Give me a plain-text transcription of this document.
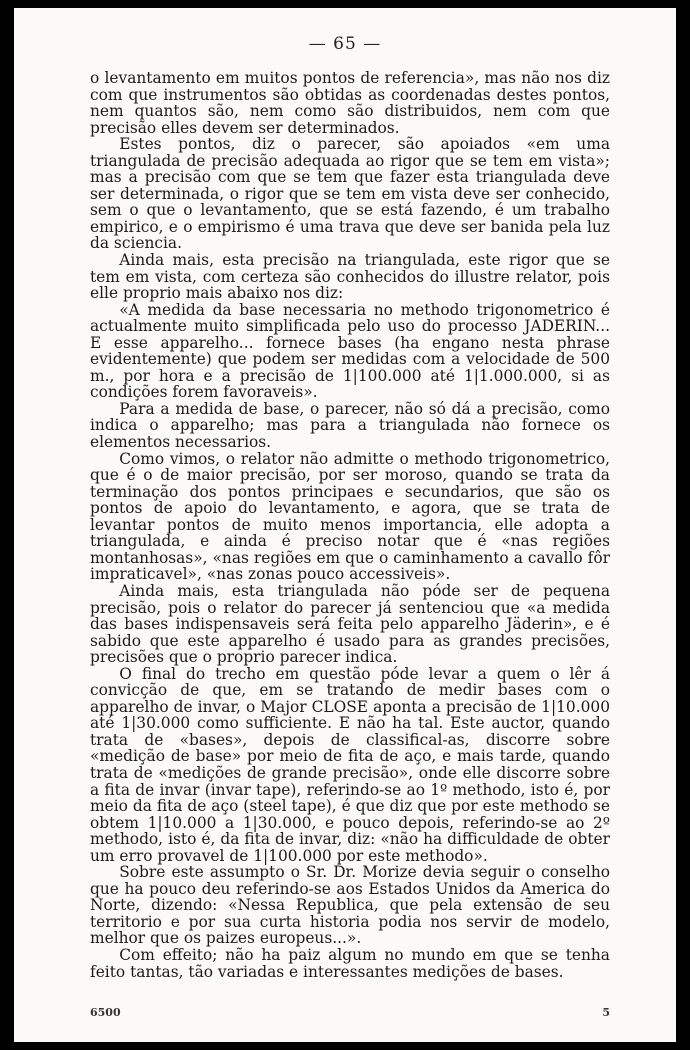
— 65 —

o levantamento em muitos pontos de referencia», mas não nos diz com que instrumentos são obtidas as coordenadas destes pontos, nem quantos são, nem como são distribuidos, nem com que precisão elles devem ser determinados.

Estes pontos, diz o parecer, são apoiados «em uma triangulada de precisão adequada ao rigor que se tem em vista»; mas a precisão com que se tem que fazer esta triangulada deve ser determinada, o rigor que se tem em vista deve ser conhecido, sem o que o levantamento, que se está fazendo, é um trabalho empirico, e o empirismo é uma trava que deve ser banida pela luz da sciencia.

Ainda mais, esta precisão na triangulada, este rigor que se tem em vista, com certeza são conhecidos do illustre relator, pois elle proprio mais abaixo nos diz:

«A medida da base necessaria no methodo trigonometrico é actualmente muito simplificada pelo uso do processo JADERIN... E esse apparelho... fornece bases (ha engano nesta phrase evidentemente) que podem ser medidas com a velocidade de 500 m., por hora e a precisão de 1|100.000 até 1|1.000.000, si as condições forem favoraveis».

Para a medida de base, o parecer, não só dá a precisão, como indica o apparelho; mas para a triangulada não fornece os elementos necessarios.

Como vimos, o relator não admitte o methodo trigonometrico, que é o de maior precisão, por ser moroso, quando se trata da terminação dos pontos principaes e secundarios, que são os pontos de apoio do levantamento, e agora, que se trata de levantar pontos de muito menos importancia, elle adopta a triangulada, e ainda é preciso notar que é «nas regiões montanhosas», «nas regiões em que o caminhamento a cavallo fôr impraticavel», «nas zonas pouco accessiveis».

Ainda mais, esta triangulada não póde ser de pequena precisão, pois o relator do parecer já sentenciou que «a medida das bases indispensaveis será feita pelo apparelho Jäderin», e é sabido que este apparelho é usado para as grandes precisões, precisões que o proprio parecer indica.

O final do trecho em questão póde levar a quem o lêr á convicção de que, em se tratando de medir bases com o apparelho de invar, o Major CLOSE aponta a precisão de 1|10.000 até 1|30.000 como sufficiente. E não ha tal. Este auctor, quando trata de «bases», depois de classifical-as, discorre sobre «medição de base» por meio de fita de aço, e mais tarde, quando trata de «medições de grande precisão», onde elle discorre sobre a fita de invar (invar tape), referindo-se ao 1º methodo, isto é, por meio da fita de aço (steel tape), é que diz que por este methodo se obtem 1|10.000 a 1|30.000, e pouco depois, referindo-se ao 2º methodo, isto é, da fita de invar, diz: «não ha difficuldade de obter um erro provavel de 1|100.000 por este methodo».

Sobre este assumpto o Sr. Dr. Morize devia seguir o conselho que ha pouco deu referindo-se aos Estados Unidos da America do Norte, dizendo: «Nessa Republica, que pela extensão de seu territorio e por sua curta historia podia nos servir de modelo, melhor que os paizes europeus...».

Com effeito; não ha paiz algum no mundo em que se tenha feito tantas, tão variadas e interessantes medições de bases.

6500	5
